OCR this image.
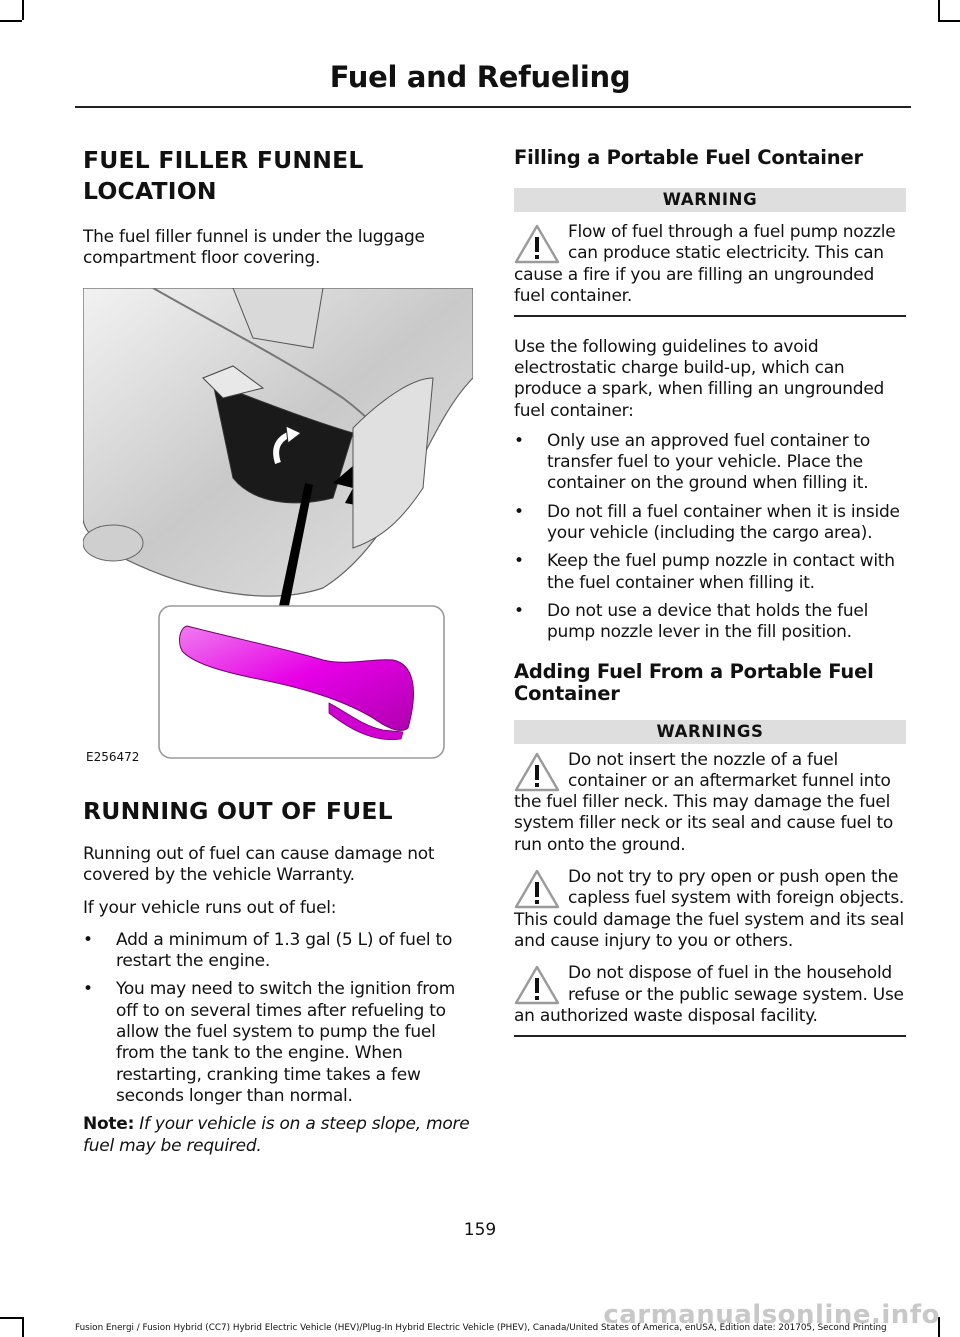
Fuel and Refueling
FUEL FILLER FUNNEL
LOCATION

The fuel filler funnel is under the luggage compartment floor covering.

E256472
RUNNING OUT OF FUEL

Running out of fuel can cause damage not covered by the vehicle Warranty.

If your vehicle runs out of fuel:

• Add a minimum of 1.3 gal (5 L) of fuel to restart the engine.
• You may need to switch the ignition from off to on several times after refueling to allow the fuel system to pump the fuel from the tank to the engine. When restarting, cranking time takes a few seconds longer than normal.

Note: If your vehicle is on a steep slope, more fuel may be required.

Filling a Portable Fuel Container
WARNING
Flow of fuel through a fuel pump nozzle can produce static electricity. This can cause a fire if you are filling an ungrounded fuel container.

Use the following guidelines to avoid electrostatic charge build-up, which can produce a spark, when filling an ungrounded fuel container:

• Only use an approved fuel container to transfer fuel to your vehicle. Place the container on the ground when filling it.
• Do not fill a fuel container when it is inside your vehicle (including the cargo area).
• Keep the fuel pump nozzle in contact with the fuel container when filling it.
• Do not use a device that holds the fuel pump nozzle lever in the fill position.
Adding Fuel From a Portable Fuel Container
WARNINGS
Do not insert the nozzle of a fuel container or an aftermarket funnel into the fuel filler neck. This may damage the fuel system filler neck or its seal and cause fuel to run onto the ground.
Do not try to pry open or push open the capless fuel system with foreign objects. This could damage the fuel system and its seal and cause injury to you or others.
Do not dispose of fuel in the household refuse or the public sewage system. Use an authorized waste disposal facility.
159
carmanualsonline.info
Fusion Energi / Fusion Hybrid (CC7) Hybrid Electric Vehicle (HEV)/Plug-In Hybrid Electric Vehicle (PHEV), Canada/United States of America, enUSA, Edition date: 201705, Second Printing
